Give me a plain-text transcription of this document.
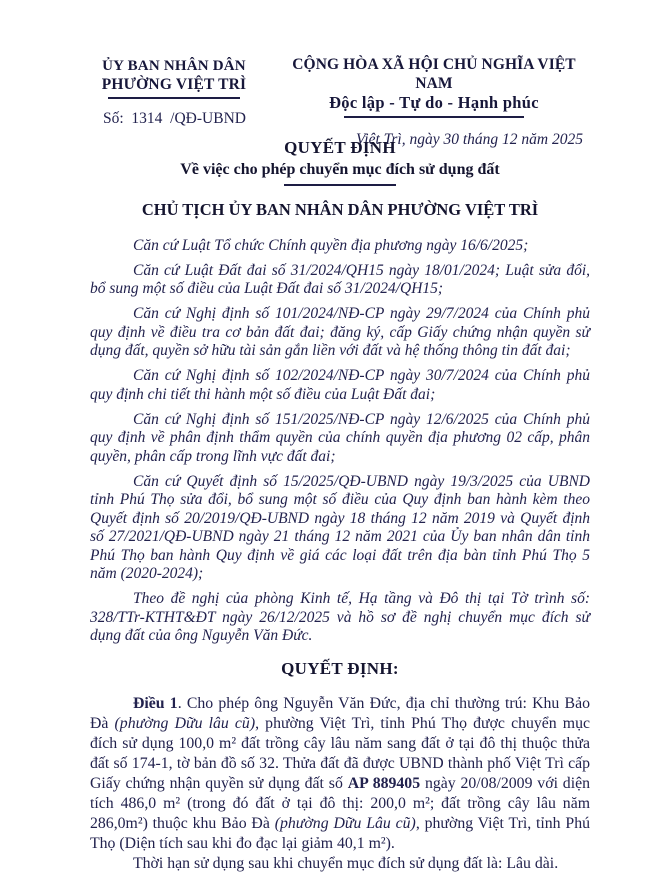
ỦY BAN NHÂN DÂN
PHƯỜNG VIỆT TRÌ
Số:  1314  /QĐ-UBND
CỘNG HÒA XÃ HỘI CHỦ NGHĨA VIỆT NAM
Độc lập - Tự do - Hạnh phúc
Việt Trì, ngày 30 tháng 12 năm 2025
QUYẾT ĐỊNH
Về việc cho phép chuyển mục đích sử dụng đất
CHỦ TỊCH ỦY BAN NHÂN DÂN PHƯỜNG VIỆT TRÌ

Căn cứ Luật Tổ chức Chính quyền địa phương ngày 16/6/2025;

Căn cứ Luật Đất đai số 31/2024/QH15 ngày 18/01/2024; Luật sửa đổi, bổ sung một số điều của Luật Đất đai số 31/2024/QH15;

Căn cứ Nghị định số 101/2024/NĐ-CP ngày 29/7/2024 của Chính phủ quy định về điều tra cơ bản đất đai; đăng ký, cấp Giấy chứng nhận quyền sử dụng đất, quyền sở hữu tài sản gắn liền với đất và hệ thống thông tin đất đai;

Căn cứ Nghị định số 102/2024/NĐ-CP ngày 30/7/2024 của Chính phủ quy định chi tiết thi hành một số điều của Luật Đất đai;

Căn cứ Nghị định số 151/2025/NĐ-CP ngày 12/6/2025 của Chính phủ quy định về phân định thẩm quyền của chính quyền địa phương 02 cấp, phân quyền, phân cấp trong lĩnh vực đất đai;

Căn cứ Quyết định số 15/2025/QĐ-UBND ngày 19/3/2025 của UBND tỉnh Phú Thọ sửa đổi, bổ sung một số điều của Quy định ban hành kèm theo Quyết định số 20/2019/QĐ-UBND ngày 18 tháng 12 năm 2019 và Quyết định số 27/2021/QĐ-UBND ngày 21 tháng 12 năm 2021 của Ủy ban nhân dân tỉnh Phú Thọ ban hành Quy định về giá các loại đất trên địa bàn tỉnh Phú Thọ 5 năm (2020-2024);

Theo đề nghị của phòng Kinh tế, Hạ tầng và Đô thị tại Tờ trình số: 328/TTr-KTHT&ĐT ngày 26/12/2025 và hồ sơ đề nghị chuyển mục đích sử dụng đất của ông Nguyễn Văn Đức.

QUYẾT ĐỊNH:

Điều 1. Cho phép ông Nguyễn Văn Đức, địa chỉ thường trú: Khu Bảo Đà (phường Dữu lâu cũ), phường Việt Trì, tỉnh Phú Thọ được chuyển mục đích sử dụng 100,0 m² đất trồng cây lâu năm sang đất ở tại đô thị thuộc thửa đất số 174-1, tờ bản đồ số 32. Thửa đất đã được UBND thành phố Việt Trì cấp Giấy chứng nhận quyền sử dụng đất số AP 889405 ngày 20/08/2009 với diện tích 486,0 m² (trong đó đất ở tại đô thị: 200,0 m²; đất trồng cây lâu năm 286,0m²) thuộc khu Bảo Đà (phường Dữu Lâu cũ), phường Việt Trì, tỉnh Phú Thọ (Diện tích sau khi đo đạc lại giảm 40,1 m²).

Thời hạn sử dụng sau khi chuyển mục đích sử dụng đất là: Lâu dài.
